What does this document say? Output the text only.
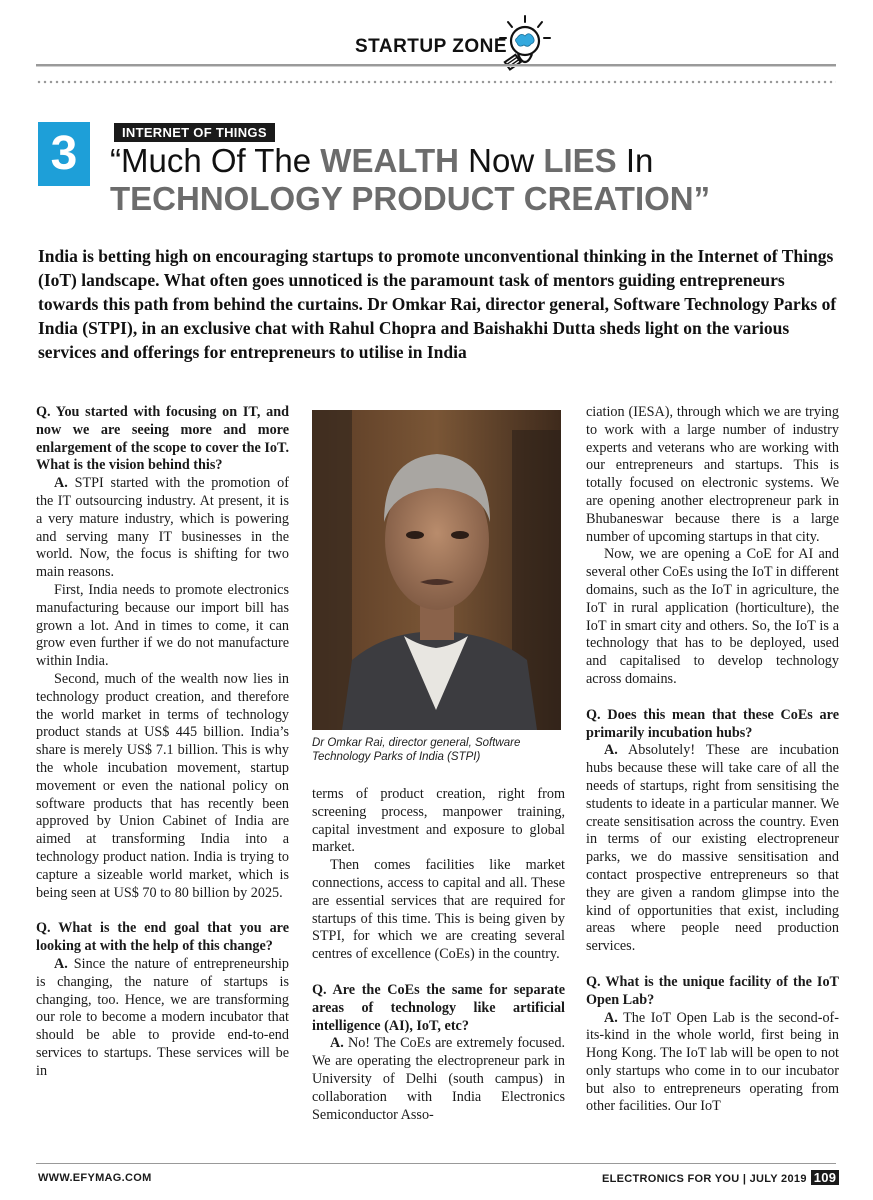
STARTUP ZONE
3	INTERNET OF THINGS
“Much Of The WEALTH Now LIES In
TECHNOLOGY PRODUCT CREATION”
India is betting high on encouraging startups to promote unconventional thinking in the Internet of Things (IoT) landscape. What often goes unnoticed is the paramount task of mentors guiding entrepreneurs towards this path from behind the curtains. Dr Omkar Rai, director general, Software Technology Parks of India (STPI), in an exclusive chat with Rahul Chopra and Baishakhi Dutta sheds light on the various services and offerings for entrepreneurs to utilise in India

Q. You started with focusing on IT, and now we are seeing more and more enlargement of the scope to cover the IoT. What is the vision behind this?

A. STPI started with the promotion of the IT outsourcing industry. At present, it is a very mature industry, which is powering and serving many IT businesses in the world. Now, the focus is shifting for two main reasons.

First, India needs to promote electronics manufacturing because our import bill has grown a lot. And in times to come, it can grow even further if we do not manufacture within India.

Second, much of the wealth now lies in technology product creation, and therefore the world market in terms of technology product stands at US$ 445 billion. India’s share is merely US$ 7.1 billion. This is why the whole incubation movement, startup movement or even the national policy on software products that has recently been approved by Union Cabinet of India are aimed at transforming India into a technology product nation. India is trying to capture a sizeable world market, which is being seen at US$ 70 to 80 billion by 2025.

Q. What is the end goal that you are looking at with the help of this change?

A. Since the nature of entrepreneurship is changing, the nature of startups is changing, too. Hence, we are transforming our role to become a modern incubator that should be able to provide end-to-end services to startups. These services will be in

Dr Omkar Rai, director general, Software Technology Parks of India (STPI)

terms of product creation, right from screening process, manpower training, capital investment and exposure to global market.

Then comes facilities like market connections, access to capital and all. These are essential services that are required for startups of this time. This is being given by STPI, for which we are creating several centres of excellence (CoEs) in the country.

Q. Are the CoEs the same for separate areas of technology like artificial intelligence (AI), IoT, etc?

A. No! The CoEs are extremely focused. We are operating the electropreneur park in University of Delhi (south campus) in collaboration with India Electronics Semiconductor Asso-

ciation (IESA), through which we are trying to work with a large number of industry experts and veterans who are working with our entrepreneurs and startups. This is totally focused on electronic systems. We are opening another electropreneur park in Bhubaneswar because there is a large number of upcoming startups in that city.

Now, we are opening a CoE for AI and several other CoEs using the IoT in different domains, such as the IoT in agriculture, the IoT in rural application (horticulture), the IoT in smart city and others. So, the IoT is a technology that has to be deployed, used and capitalised to develop technology across domains.

Q. Does this mean that these CoEs are primarily incubation hubs?

A. Absolutely! These are incubation hubs because these will take care of all the needs of startups, right from sensitising the students to ideate in a particular manner. We create sensitisation across the country. Even in terms of our existing electropreneur parks, we do massive sensitisation and contact prospective entrepreneurs so that they are given a random glimpse into the kind of opportunities that exist, including areas where people need production services.

Q. What is the unique facility of the IoT Open Lab?

A. The IoT Open Lab is the second-of-its-kind in the whole world, first being in Hong Kong. The IoT lab will be open to not only startups who come in to our incubator but also to entrepreneurs operating from other facilities. Our IoT

WWW.EFYMAG.COM	ELECTRONICS FOR YOU | JULY 2019 109
